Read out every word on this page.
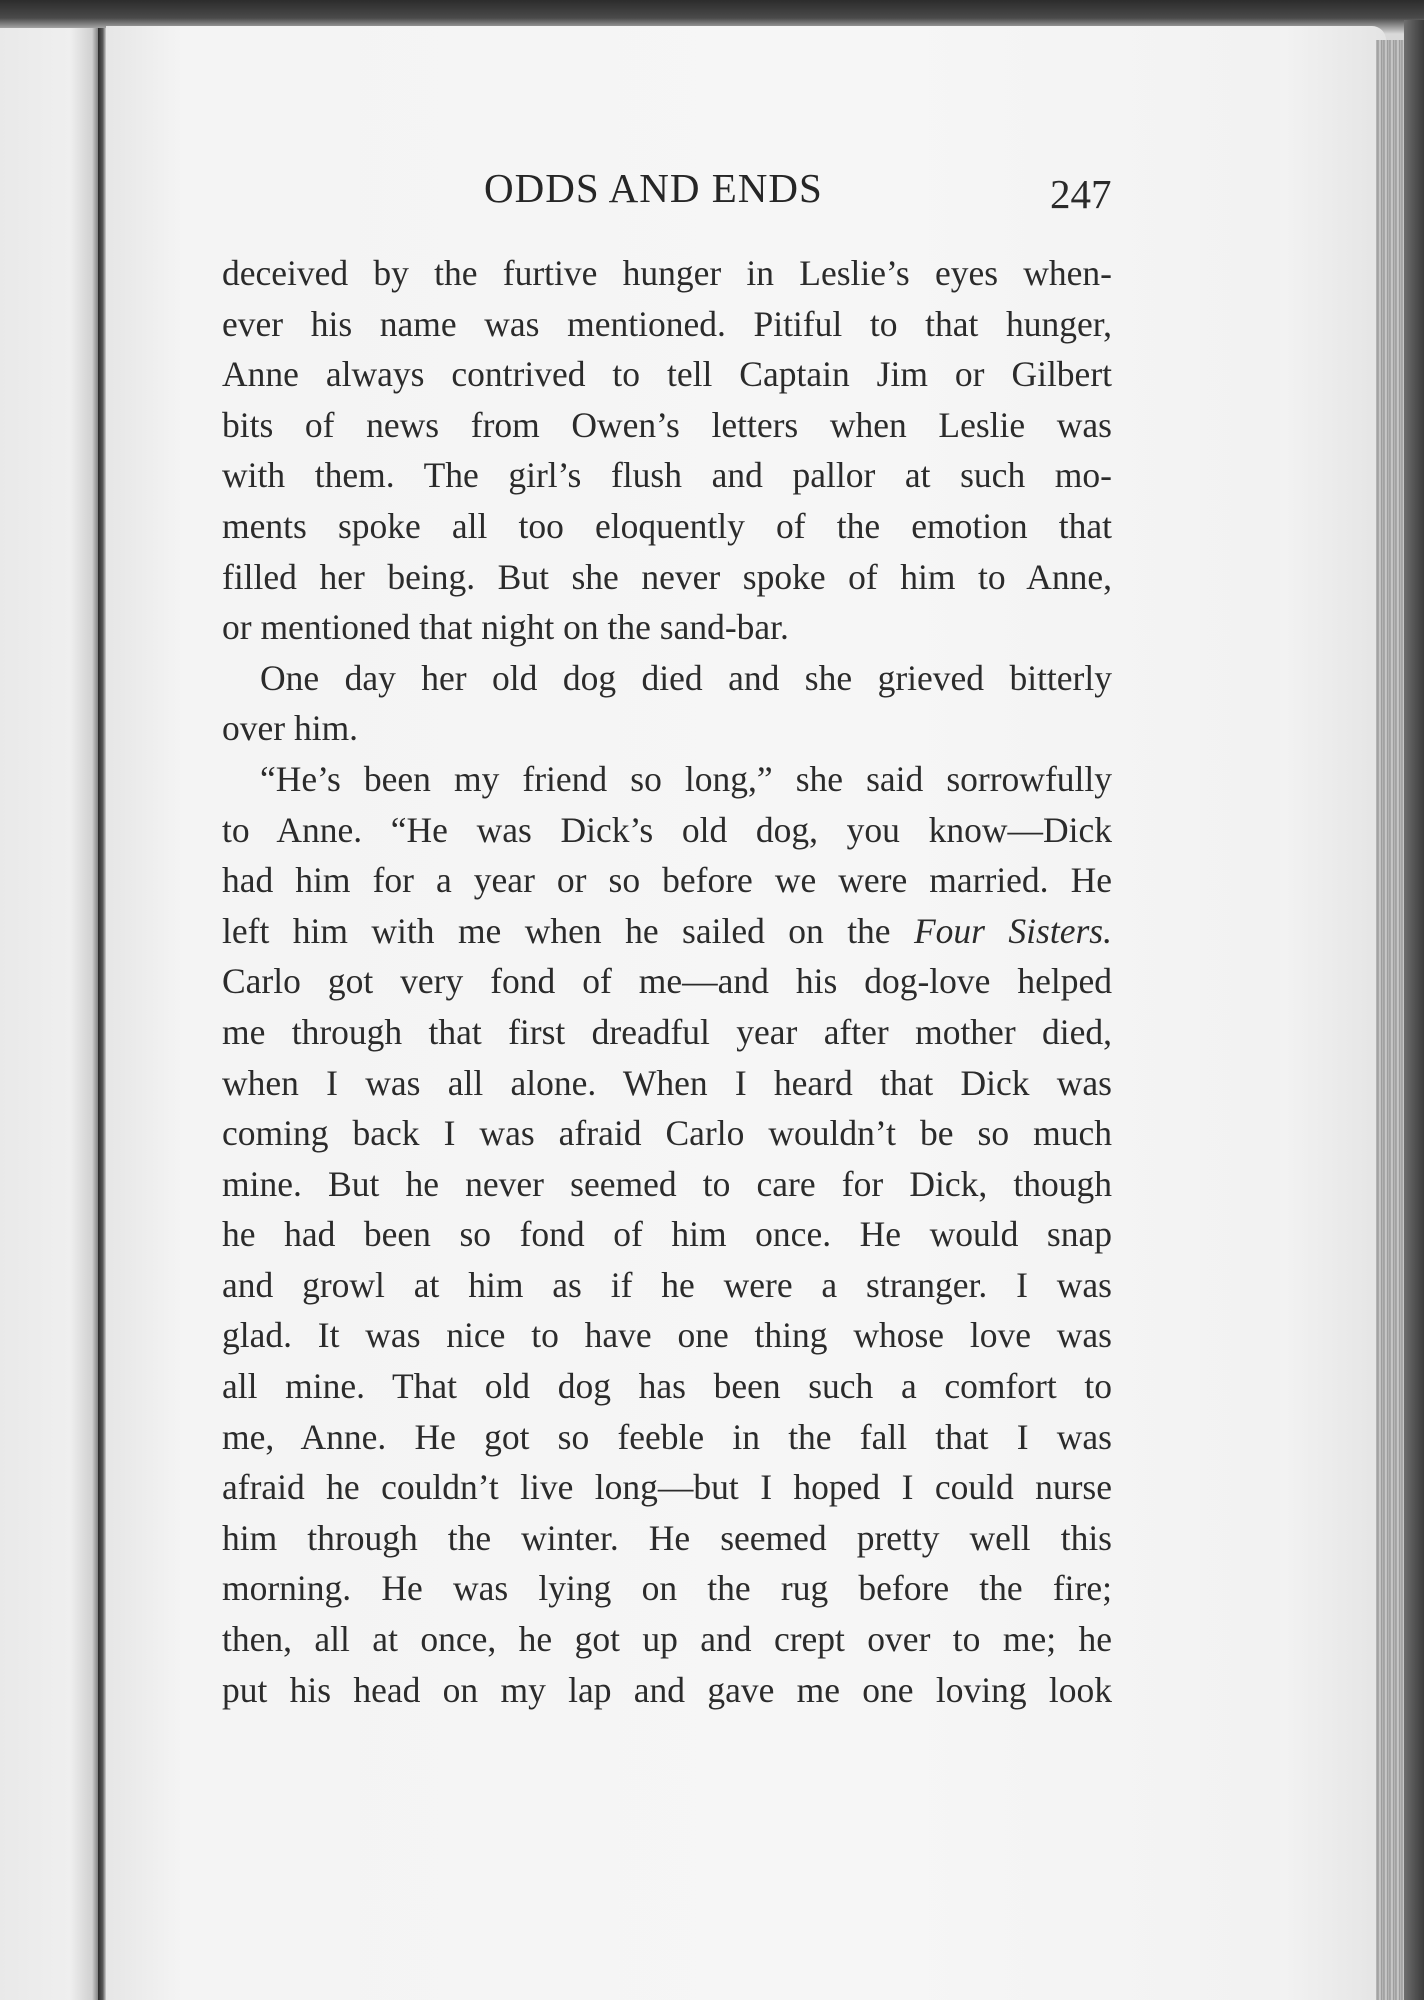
ODDS AND ENDS	247
deceived by the furtive hunger in Leslie’s eyes when-
ever his name was mentioned. Pitiful to that hunger,
Anne always contrived to tell Captain Jim or Gilbert
bits of news from Owen’s letters when Leslie was
with them. The girl’s flush and pallor at such mo-
ments spoke all too eloquently of the emotion that
filled her being. But she never spoke of him to Anne,
or mentioned that night on the sand-bar.
One day her old dog died and she grieved bitterly
over him.
“He’s been my friend so long,” she said sorrowfully
to Anne. “He was Dick’s old dog, you know—Dick
had him for a year or so before we were married. He
left him with me when he sailed on the Four Sisters.
Carlo got very fond of me—and his dog-love helped
me through that first dreadful year after mother died,
when I was all alone. When I heard that Dick was
coming back I was afraid Carlo wouldn’t be so much
mine. But he never seemed to care for Dick, though
he had been so fond of him once. He would snap
and growl at him as if he were a stranger. I was
glad. It was nice to have one thing whose love was
all mine. That old dog has been such a comfort to
me, Anne. He got so feeble in the fall that I was
afraid he couldn’t live long—but I hoped I could nurse
him through the winter. He seemed pretty well this
morning. He was lying on the rug before the fire;
then, all at once, he got up and crept over to me; he
put his head on my lap and gave me one loving look
